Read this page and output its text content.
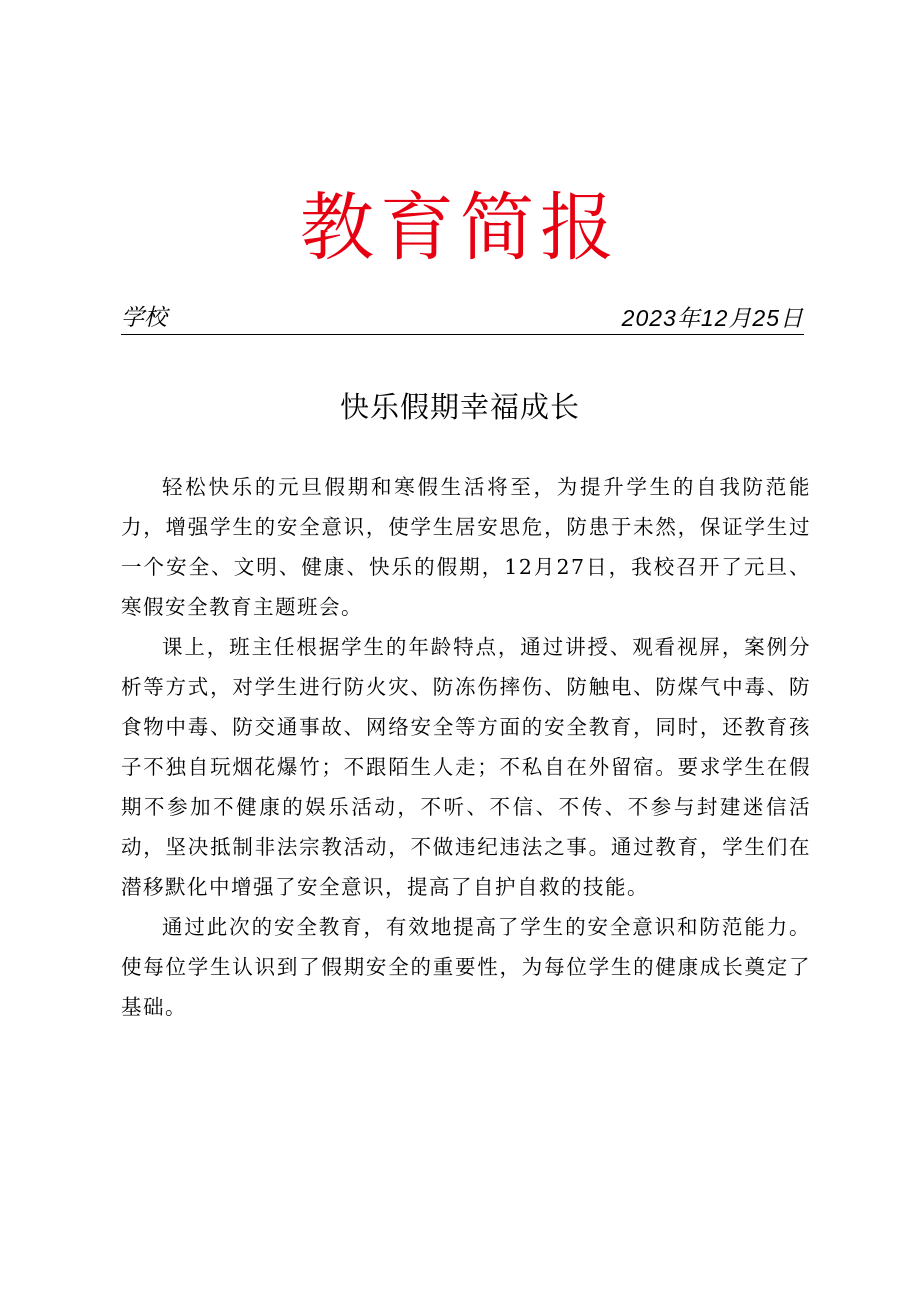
教育简报
学校	2023年12月25日
快乐假期幸福成长

轻松快乐的元旦假期和寒假生活将至，为提升学生的自我防范能力，增强学生的安全意识，使学生居安思危，防患于未然，保证学生过一个安全、文明、健康、快乐的假期，12月27日，我校召开了元旦、寒假安全教育主题班会。

课上，班主任根据学生的年龄特点，通过讲授、观看视屏，案例分析等方式，对学生进行防火灾、防冻伤摔伤、防触电、防煤气中毒、防食物中毒、防交通事故、网络安全等方面的安全教育，同时，还教育孩子不独自玩烟花爆竹；不跟陌生人走；不私自在外留宿。要求学生在假期不参加不健康的娱乐活动，不听、不信、不传、不参与封建迷信活动，坚决抵制非法宗教活动，不做违纪违法之事。通过教育，学生们在潜移默化中增强了安全意识，提高了自护自救的技能。

通过此次的安全教育，有效地提高了学生的安全意识和防范能力。使每位学生认识到了假期安全的重要性，为每位学生的健康成长奠定了基础。
